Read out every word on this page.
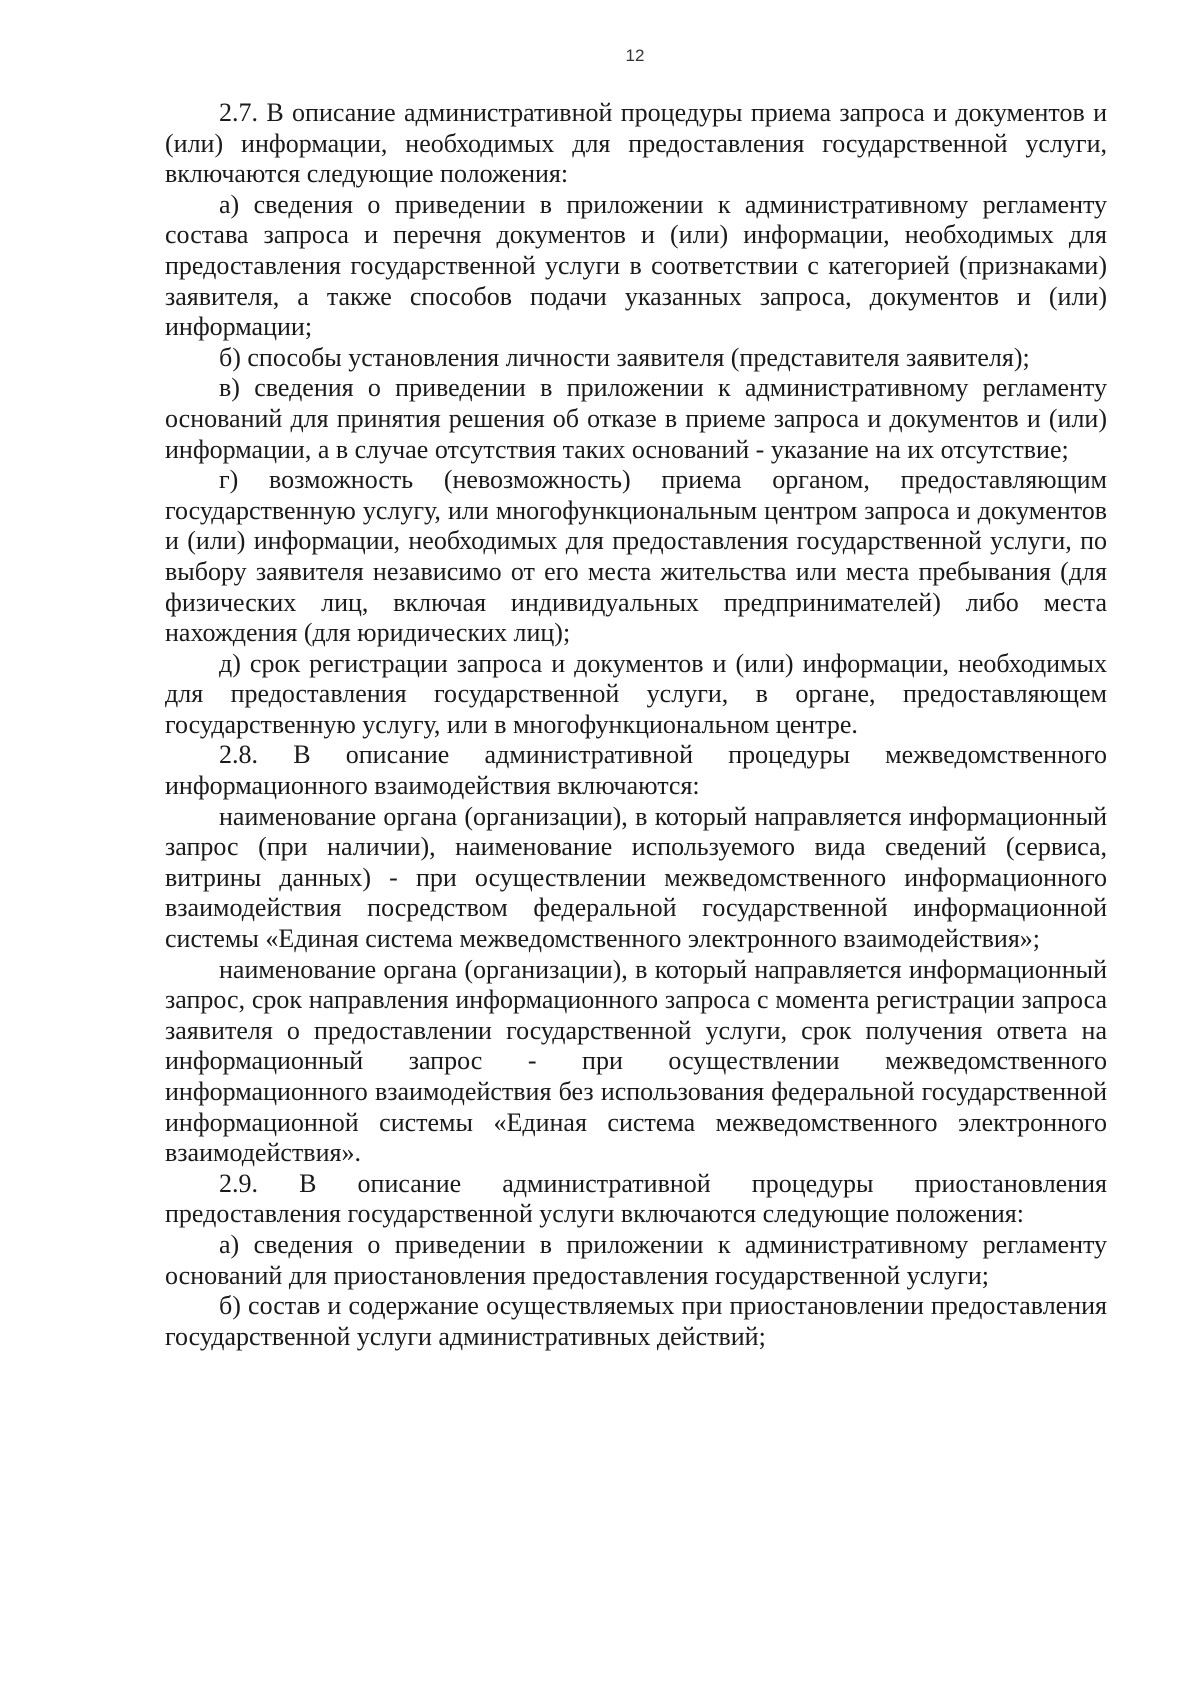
12

2.7. В описание административной процедуры приема запроса и документов и (или) информации, необходимых для предоставления государственной услуги, включаются следующие положения:

а) сведения о приведении в приложении к административному регламенту состава запроса и перечня документов и (или) информации, необходимых для предоставления государственной услуги в соответствии с категорией (признаками) заявителя, а также способов подачи указанных запроса, документов и (или) информации;

б) способы установления личности заявителя (представителя заявителя);

в) сведения о приведении в приложении к административному регламенту оснований для принятия решения об отказе в приеме запроса и документов и (или) информации, а в случае отсутствия таких оснований - указание на их отсутствие;

г) возможность (невозможность) приема органом, предоставляющим государственную услугу, или многофункциональным центром запроса и документов и (или) информации, необходимых для предоставления государственной услуги, по выбору заявителя независимо от его места жительства или места пребывания (для физических лиц, включая индивидуальных предпринимателей) либо места нахождения (для юридических лиц);

д) срок регистрации запроса и документов и (или) информации, необходимых для предоставления государственной услуги, в органе, предоставляющем государственную услугу, или в многофункциональном центре.

2.8. В описание административной процедуры межведомственного информационного взаимодействия включаются:

наименование органа (организации), в который направляется информационный запрос (при наличии), наименование используемого вида сведений (сервиса, витрины данных) - при осуществлении межведомственного информационного взаимодействия посредством федеральной государственной информационной системы «Единая система межведомственного электронного взаимодействия»;

наименование органа (организации), в который направляется информационный запрос, срок направления информационного запроса с момента регистрации запроса заявителя о предоставлении государственной услуги, срок получения ответа на информационный запрос - при осуществлении межведомственного информационного взаимодействия без использования федеральной государственной информационной системы «Единая система межведомственного электронного взаимодействия».

2.9. В описание административной процедуры приостановления предоставления государственной услуги включаются следующие положения:

а) сведения о приведении в приложении к административному регламенту оснований для приостановления предоставления государственной услуги;

б) состав и содержание осуществляемых при приостановлении предоставления государственной услуги административных действий;
